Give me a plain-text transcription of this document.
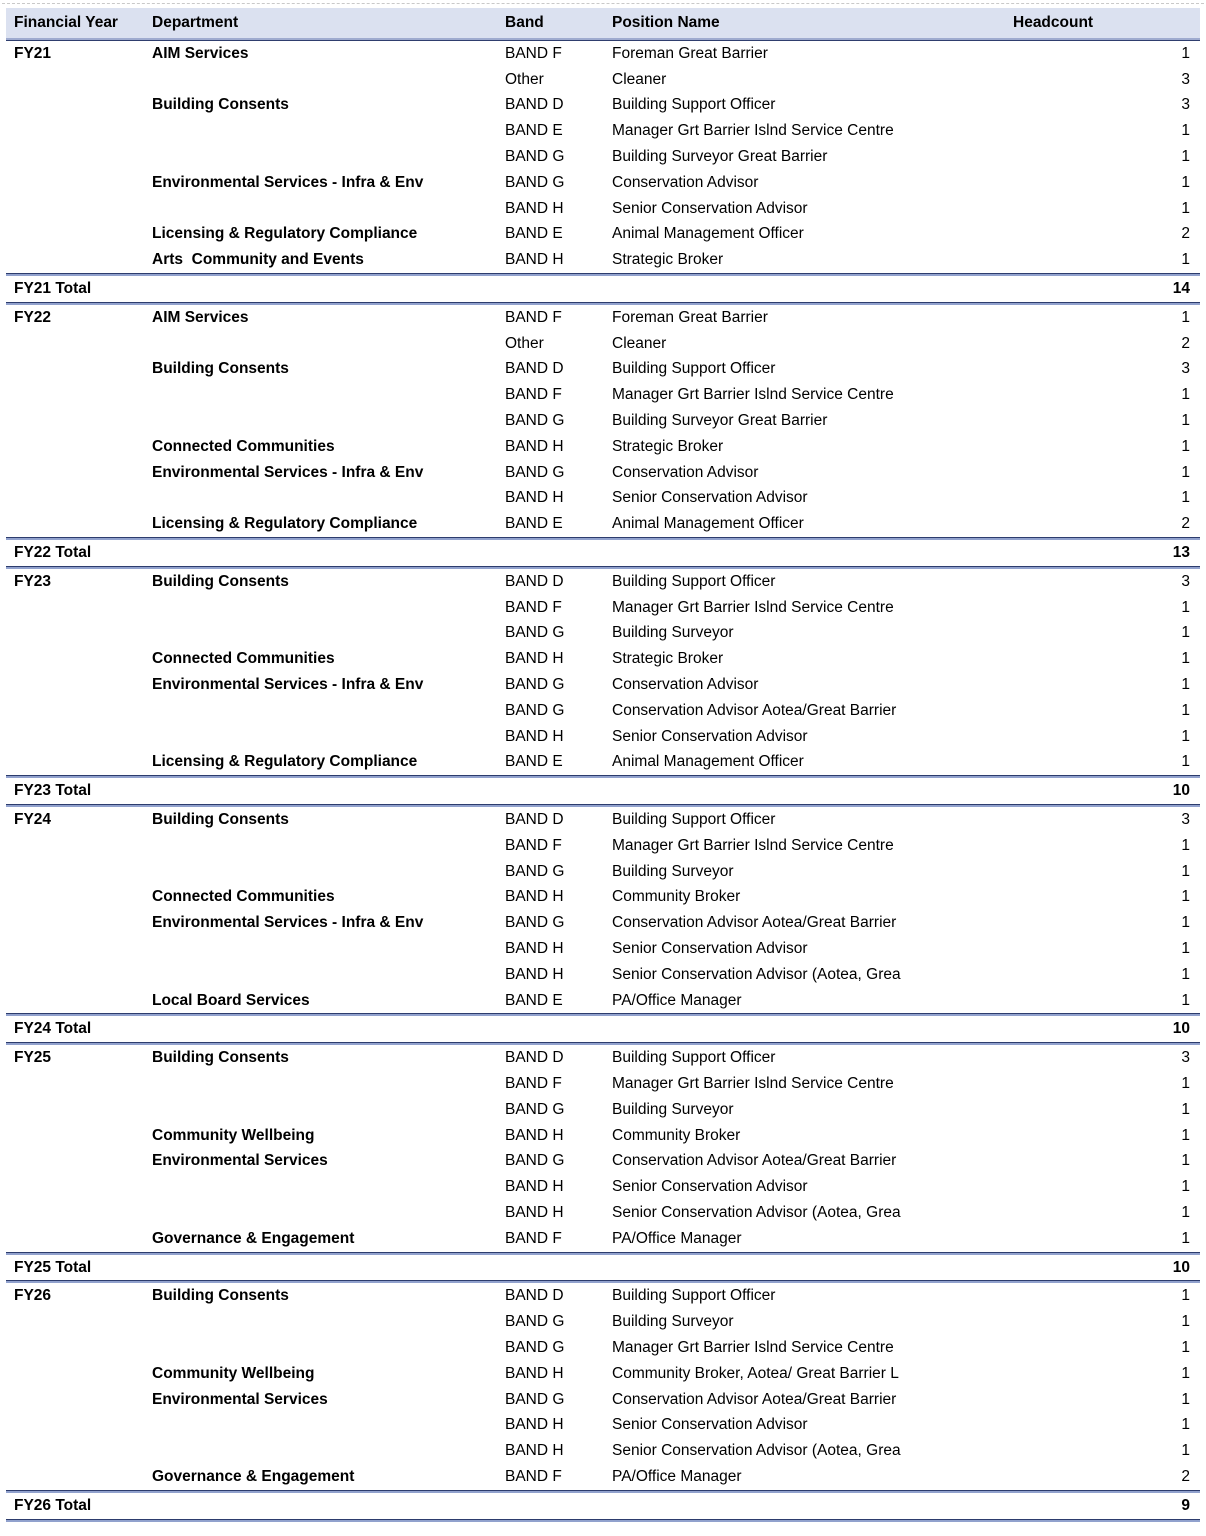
Financial Year	Department	Band	Position Name	Headcount
FY21	AIM Services	BAND F	Foreman Great Barrier	1
Other	Cleaner	3
Building Consents	BAND D	Building Support Officer	3
BAND E	Manager Grt Barrier Islnd Service Centre	1
BAND G	Building Surveyor Great Barrier	1
Environmental Services - Infra & Env	BAND G	Conservation Advisor	1
BAND H	Senior Conservation Advisor	1
Licensing & Regulatory Compliance	BAND E	Animal Management Officer	2
Arts  Community and Events	BAND H	Strategic Broker	1
FY21 Total	14
FY22	AIM Services	BAND F	Foreman Great Barrier	1
Other	Cleaner	2
Building Consents	BAND D	Building Support Officer	3
BAND F	Manager Grt Barrier Islnd Service Centre	1
BAND G	Building Surveyor Great Barrier	1
Connected Communities	BAND H	Strategic Broker	1
Environmental Services - Infra & Env	BAND G	Conservation Advisor	1
BAND H	Senior Conservation Advisor	1
Licensing & Regulatory Compliance	BAND E	Animal Management Officer	2
FY22 Total	13
FY23	Building Consents	BAND D	Building Support Officer	3
BAND F	Manager Grt Barrier Islnd Service Centre	1
BAND G	Building Surveyor	1
Connected Communities	BAND H	Strategic Broker	1
Environmental Services - Infra & Env	BAND G	Conservation Advisor	1
BAND G	Conservation Advisor Aotea/Great Barrier	1
BAND H	Senior Conservation Advisor	1
Licensing & Regulatory Compliance	BAND E	Animal Management Officer	1
FY23 Total	10
FY24	Building Consents	BAND D	Building Support Officer	3
BAND F	Manager Grt Barrier Islnd Service Centre	1
BAND G	Building Surveyor	1
Connected Communities	BAND H	Community Broker	1
Environmental Services - Infra & Env	BAND G	Conservation Advisor Aotea/Great Barrier	1
BAND H	Senior Conservation Advisor	1
BAND H	Senior Conservation Advisor (Aotea, Grea	1
Local Board Services	BAND E	PA/Office Manager	1
FY24 Total	10
FY25	Building Consents	BAND D	Building Support Officer	3
BAND F	Manager Grt Barrier Islnd Service Centre	1
BAND G	Building Surveyor	1
Community Wellbeing	BAND H	Community Broker	1
Environmental Services	BAND G	Conservation Advisor Aotea/Great Barrier	1
BAND H	Senior Conservation Advisor	1
BAND H	Senior Conservation Advisor (Aotea, Grea	1
Governance & Engagement	BAND F	PA/Office Manager	1
FY25 Total	10
FY26	Building Consents	BAND D	Building Support Officer	1
BAND G	Building Surveyor	1
BAND G	Manager Grt Barrier Islnd Service Centre	1
Community Wellbeing	BAND H	Community Broker, Aotea/ Great Barrier L	1
Environmental Services	BAND G	Conservation Advisor Aotea/Great Barrier	1
BAND H	Senior Conservation Advisor	1
BAND H	Senior Conservation Advisor (Aotea, Grea	1
Governance & Engagement	BAND F	PA/Office Manager	2
FY26 Total	9
